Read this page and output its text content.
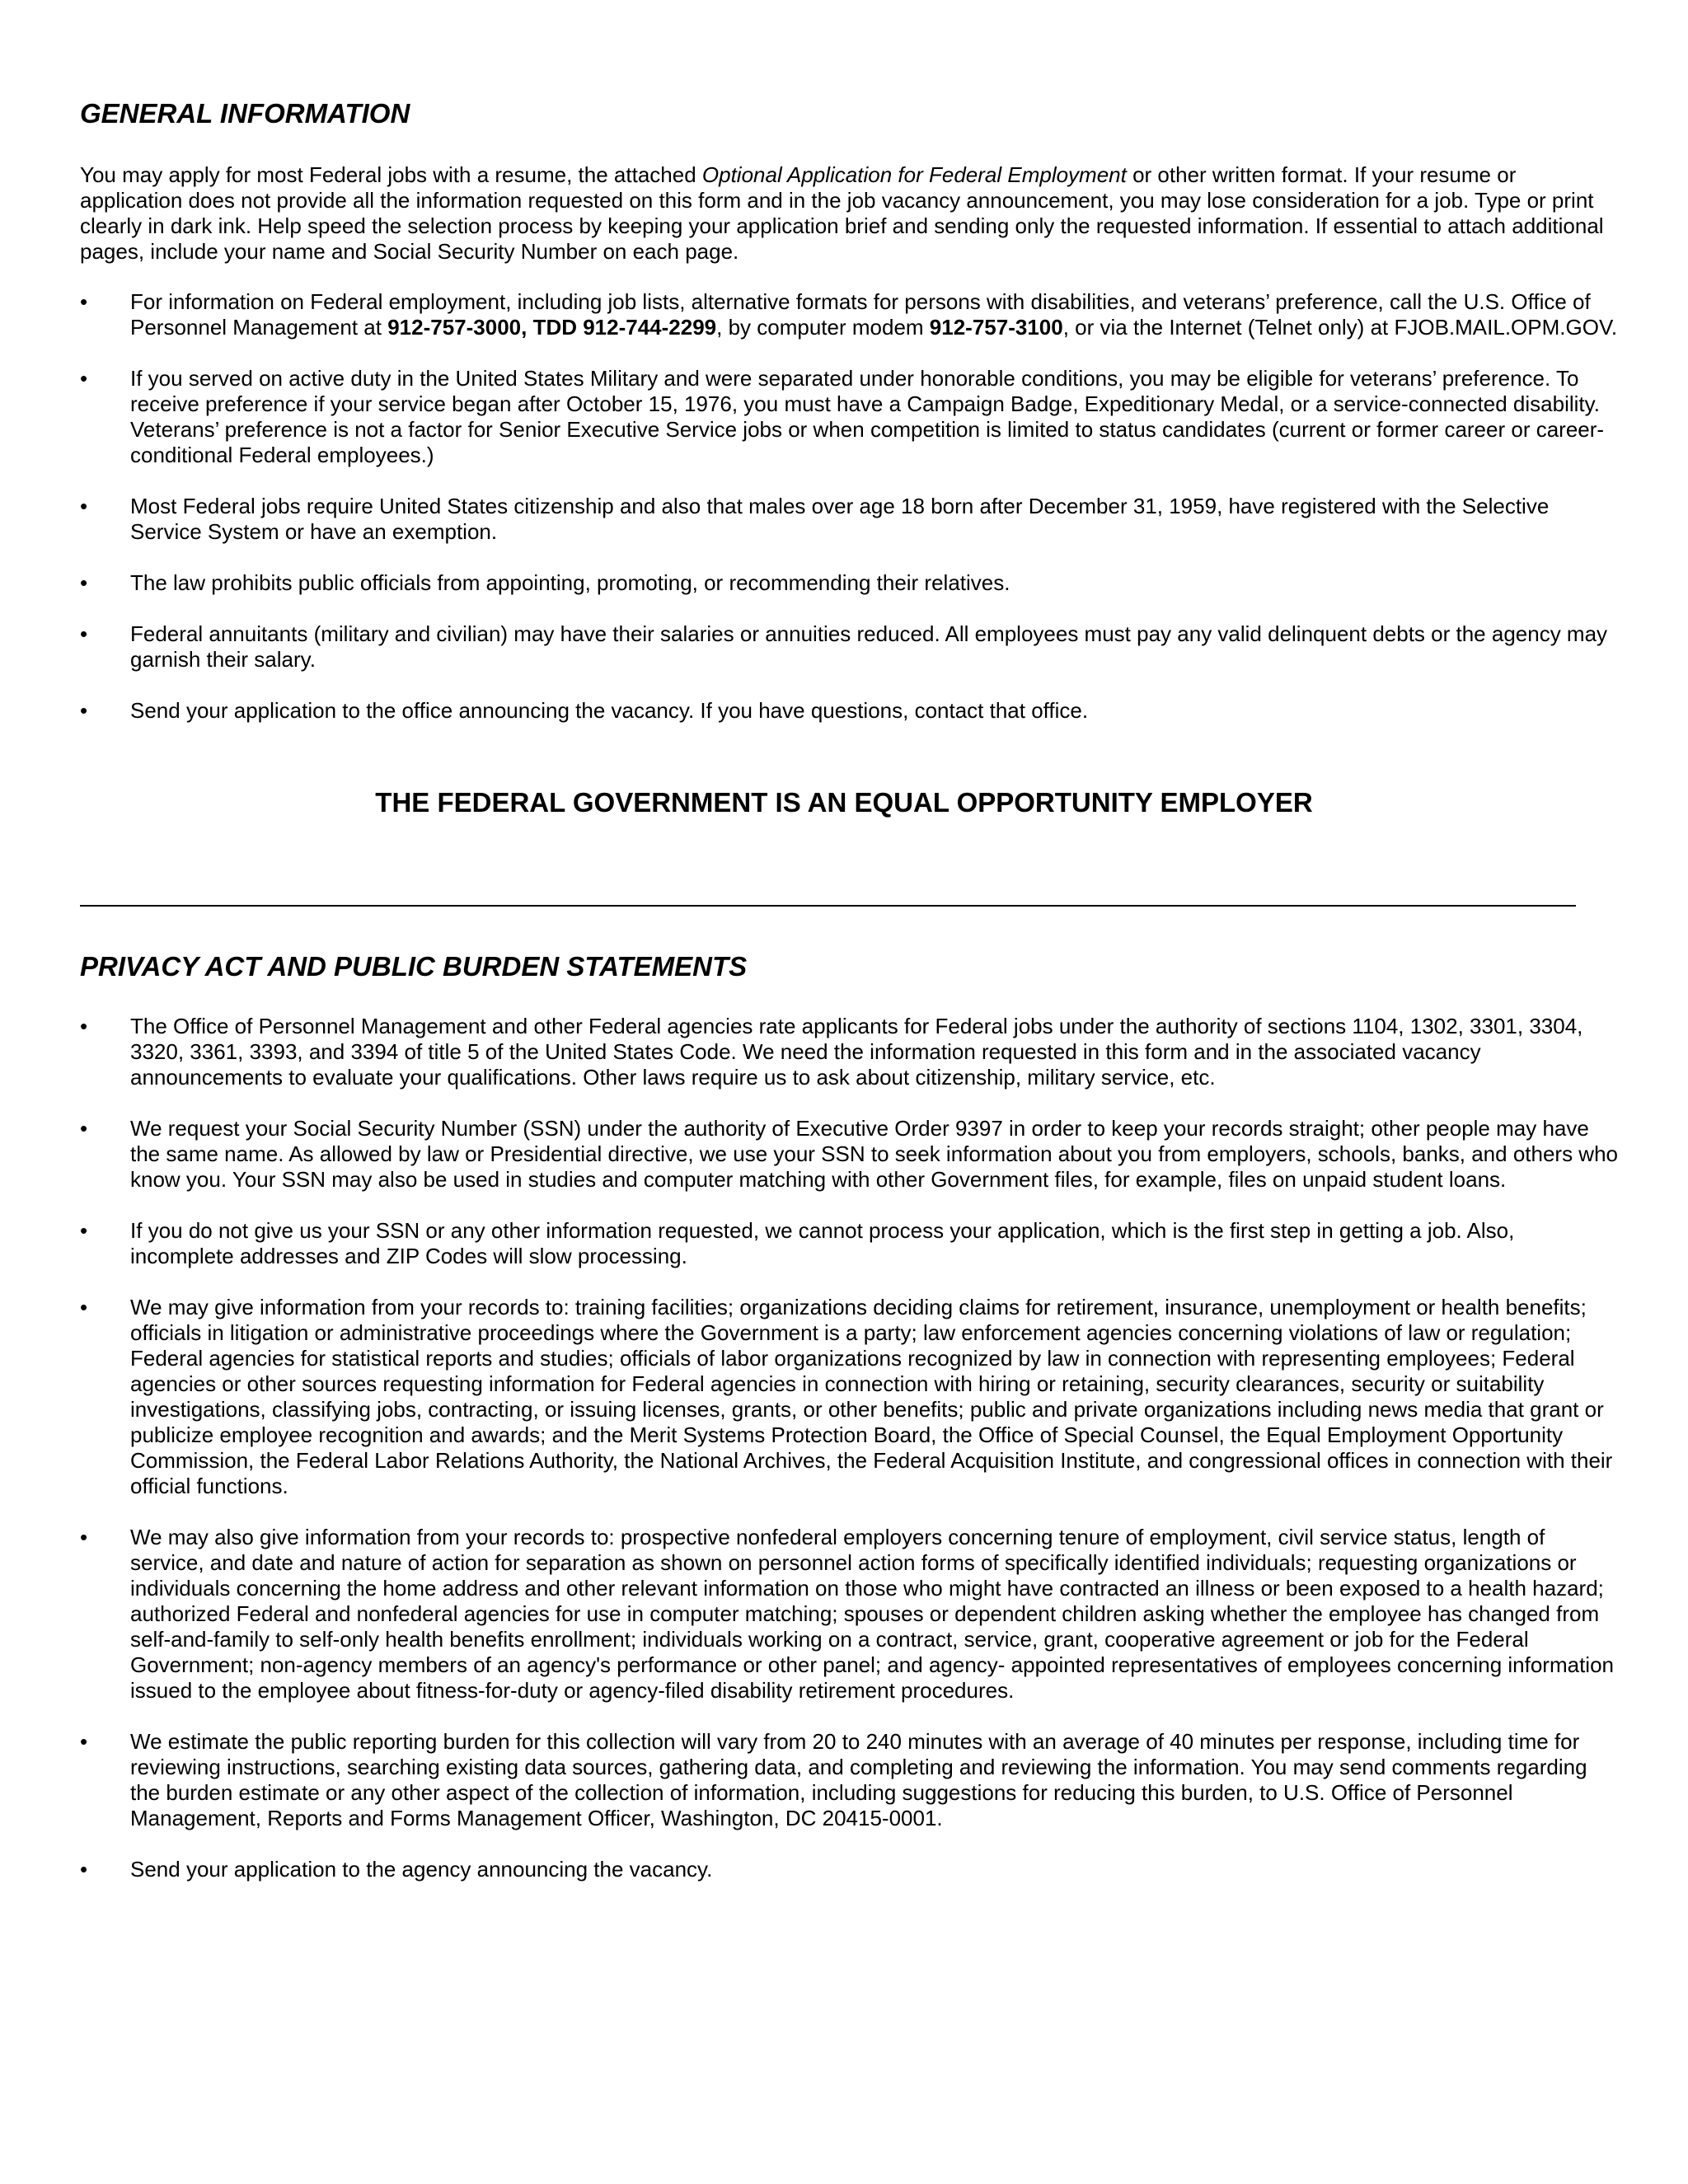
GENERAL INFORMATION

You may apply for most Federal jobs with a resume, the attached Optional Application for Federal Employment or other written format. If your resume or application does not provide all the information requested on this form and in the job vacancy announcement, you may lose consideration for a job. Type or print clearly in dark ink. Help speed the selection process by keeping your application brief and sending only the requested information. If essential to attach additional pages, include your name and Social Security Number on each page.

•	For information on Federal employment, including job lists, alternative formats for persons with disabilities, and veterans’ preference, call the U.S. Office of Personnel Management at 912-757-3000, TDD 912-744-2299, by computer modem 912-757-3100, or via the Internet (Telnet only) at FJOB.MAIL.OPM.GOV.
•	If you served on active duty in the United States Military and were separated under honorable conditions, you may be eligible for veterans’ preference. To receive preference if your service began after October 15, 1976, you must have a Campaign Badge, Expeditionary Medal, or a service-connected disability. Veterans’ preference is not a factor for Senior Executive Service jobs or when competition is limited to status candidates (current or former career or career-conditional Federal employees.)
•	Most Federal jobs require United States citizenship and also that males over age 18 born after December 31, 1959, have registered with the Selective Service System or have an exemption.
•	The law prohibits public officials from appointing, promoting, or recommending their relatives.
•	Federal annuitants (military and civilian) may have their salaries or annuities reduced. All employees must pay any valid delinquent debts or the agency may garnish their salary.
•	Send your application to the office announcing the vacancy. If you have questions, contact that office.

THE FEDERAL GOVERNMENT IS AN EQUAL OPPORTUNITY EMPLOYER

PRIVACY ACT AND PUBLIC BURDEN STATEMENTS
•	The Office of Personnel Management and other Federal agencies rate applicants for Federal jobs under the authority of sections 1104, 1302, 3301, 3304, 3320, 3361, 3393, and 3394 of title 5 of the United States Code. We need the information requested in this form and in the associated vacancy announcements to evaluate your qualifications. Other laws require us to ask about citizenship, military service, etc.
•	We request your Social Security Number (SSN) under the authority of Executive Order 9397 in order to keep your records straight; other people may have the same name. As allowed by law or Presidential directive, we use your SSN to seek information about you from employers, schools, banks, and others who know you. Your SSN may also be used in studies and computer matching with other Government files, for example, files on unpaid student loans.
•	If you do not give us your SSN or any other information requested, we cannot process your application, which is the first step in getting a job. Also, incomplete addresses and ZIP Codes will slow processing.
•	We may give information from your records to: training facilities; organizations deciding claims for retirement, insurance, unemployment or health benefits; officials in litigation or administrative proceedings where the Government is a party; law enforcement agencies concerning violations of law or regulation; Federal agencies for statistical reports and studies; officials of labor organizations recognized by law in connection with representing employees; Federal agencies or other sources requesting information for Federal agencies in connection with hiring or retaining, security clearances, security or suitability investigations, classifying jobs, contracting, or issuing licenses, grants, or other benefits; public and private organizations including news media that grant or publicize employee recognition and awards; and the Merit Systems Protection Board, the Office of Special Counsel, the Equal Employment Opportunity Commission, the Federal Labor Relations Authority, the National Archives, the Federal Acquisition Institute, and congressional offices in connection with their official functions.
•	We may also give information from your records to: prospective nonfederal employers concerning tenure of employment, civil service status, length of service, and date and nature of action for separation as shown on personnel action forms of specifically identified individuals; requesting organizations or individuals concerning the home address and other relevant information on those who might have contracted an illness or been exposed to a health hazard; authorized Federal and nonfederal agencies for use in computer matching; spouses or dependent children asking whether the employee has changed from self-and-family to self-only health benefits enrollment; individuals working on a contract, service, grant, cooperative agreement or job for the Federal Government; non-agency members of an agency's performance or other panel; and agency- appointed representatives of employees concerning information issued to the employee about fitness-for-duty or agency-filed disability retirement procedures.
•	We estimate the public reporting burden for this collection will vary from 20 to 240 minutes with an average of 40 minutes per response, including time for reviewing instructions, searching existing data sources, gathering data, and completing and reviewing the information. You may send comments regarding the burden estimate or any other aspect of the collection of information, including suggestions for reducing this burden, to U.S. Office of Personnel Management, Reports and Forms Management Officer, Washington, DC 20415-0001.
•	Send your application to the agency announcing the vacancy.
